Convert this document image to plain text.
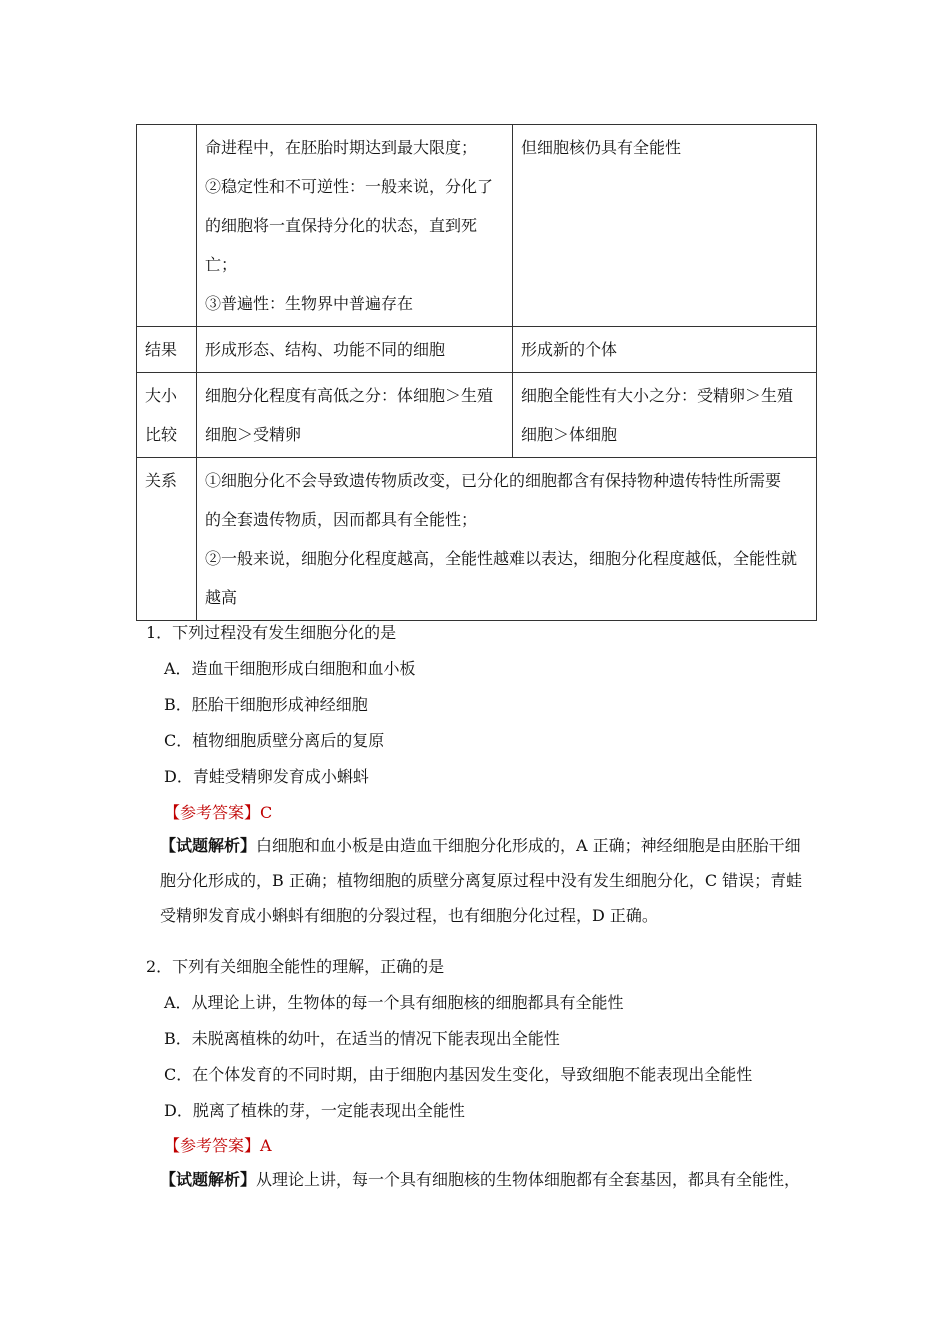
	命进程中，在胚胎时期达到最大限度；
②稳定性和不可逆性：一般来说，分化了
的细胞将一直保持分化的状态，直到死
亡；
③普遍性：生物界中普遍存在	但细胞核仍具有全能性

结果	形成形态、结构、功能不同的细胞	形成新的个体

大小
比较	细胞分化程度有高低之分：体细胞＞生殖
细胞＞受精卵	细胞全能性有大小之分：受精卵＞生殖
细胞＞体细胞

关系	①细胞分化不会导致遗传物质改变，已分化的细胞都含有保持物种遗传特性所需要
的全套遗传物质，因而都具有全能性；
②一般来说，细胞分化程度越高，全能性越难以表达，细胞分化程度越低，全能性就
越高	
1．下列过程没有发生细胞分化的是
A．造血干细胞形成白细胞和血小板
B．胚胎干细胞形成神经细胞
C．植物细胞质壁分离后的复原
D．青蛙受精卵发育成小蝌蚪
【参考答案】C
【试题解析】白细胞和血小板是由造血干细胞分化形成的，A 正确；神经细胞是由胚胎干细
胞分化形成的，B 正确；植物细胞的质壁分离复原过程中没有发生细胞分化，C 错误；青蛙
受精卵发育成小蝌蚪有细胞的分裂过程，也有细胞分化过程，D 正确。
2．下列有关细胞全能性的理解，正确的是
A．从理论上讲，生物体的每一个具有细胞核的细胞都具有全能性
B．未脱离植株的幼叶，在适当的情况下能表现出全能性
C．在个体发育的不同时期，由于细胞内基因发生变化，导致细胞不能表现出全能性
D．脱离了植株的芽，一定能表现出全能性
【参考答案】A
【试题解析】从理论上讲，每一个具有细胞核的生物体细胞都有全套基因，都具有全能性，
